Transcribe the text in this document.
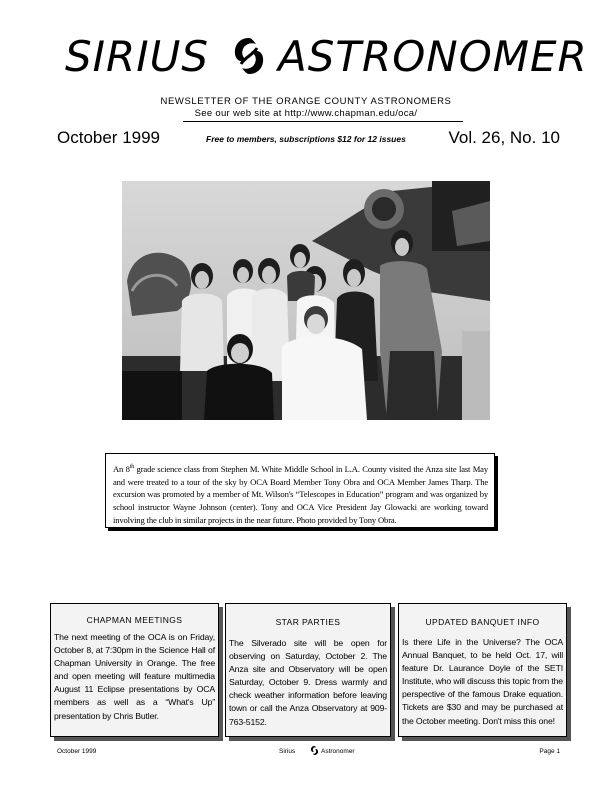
SIRIUS ASTRONOMER
NEWSLETTER OF THE ORANGE COUNTY ASTRONOMERS
See our web site at http://www.chapman.edu/oca/
October 1999	Free to members, subscriptions $12 for 12 issues	Vol. 26, No. 10
An 8th grade science class from Stephen M. White Middle School in L.A. County visited the Anza site last May and were treated to a tour of the sky by OCA Board Member Tony Obra and OCA Member James Tharp. The excursion was promoted by a member of Mt. Wilson's “Telescopes in Education” program and was organized by school instructor Wayne Johnson (center). Tony and OCA Vice President Jay Glowacki are working toward involving the club in similar projects in the near future. Photo provided by Tony Obra.
CHAPMAN MEETINGS
The next meeting of the OCA is on Friday, October 8, at 7:30pm in the Science Hall of Chapman University in Orange. The free and open meeting will feature multimedia August 11 Eclipse presentations by OCA members as well as a “What's Up” presentation by Chris Butler.
STAR PARTIES
The Silverado site will be open for observing on Saturday, October 2. The Anza site and Observatory will be open Saturday, October 9. Dress warmly and check weather information before leaving town or call the Anza Observatory at 909-763-5152.
UPDATED BANQUET INFO
Is there Life in the Universe? The OCA Annual Banquet, to be held Oct. 17, will feature Dr. Laurance Doyle of the SETI Institute, who will discuss this topic from the perspective of the famous Drake equation. Tickets are $30 and may be purchased at the October meeting. Don't miss this one!
October 1999	Sirius	Astronomer	Page 1
